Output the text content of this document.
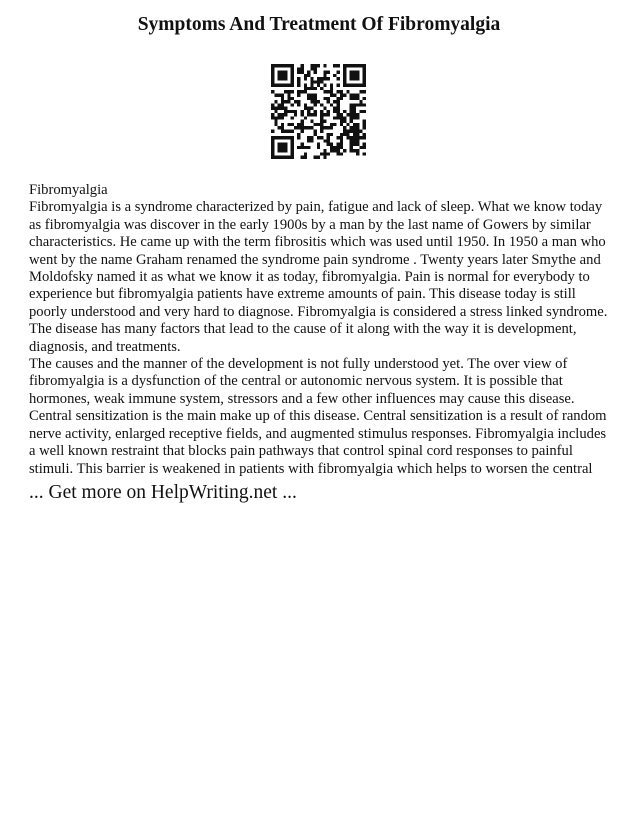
Symptoms And Treatment Of Fibromyalgia

Fibromyalgia

Fibromyalgia is a syndrome characterized by pain, fatigue and lack of sleep. What we know today as fibromyalgia was discover in the early 1900s by a man by the last name of Gowers by similar characteristics. He came up with the term fibrositis which was used until 1950. In 1950 a man who went by the name Graham renamed the syndrome pain syndrome . Twenty years later Smythe and Moldofsky named it as what we know it as today, fibromyalgia. Pain is normal for everybody to experience but fibromyalgia patients have extreme amounts of pain. This disease today is still poorly understood and very hard to diagnose. Fibromyalgia is considered a stress linked syndrome. The disease has many factors that lead to the cause of it along with the way it is development, diagnosis, and treatments.

The causes and the manner of the development is not fully understood yet. The over view of fibromyalgia is a dysfunction of the central or autonomic nervous system. It is possible that hormones, weak immune system, stressors and a few other influences may cause this disease. Central sensitization is the main make up of this disease. Central sensitization is a result of random nerve activity, enlarged receptive fields, and augmented stimulus responses. Fibromyalgia includes a well known restraint that blocks pain pathways that control spinal cord responses to painful stimuli. This barrier is weakened in patients with fibromyalgia which helps to worsen the central

... Get more on HelpWriting.net ...
